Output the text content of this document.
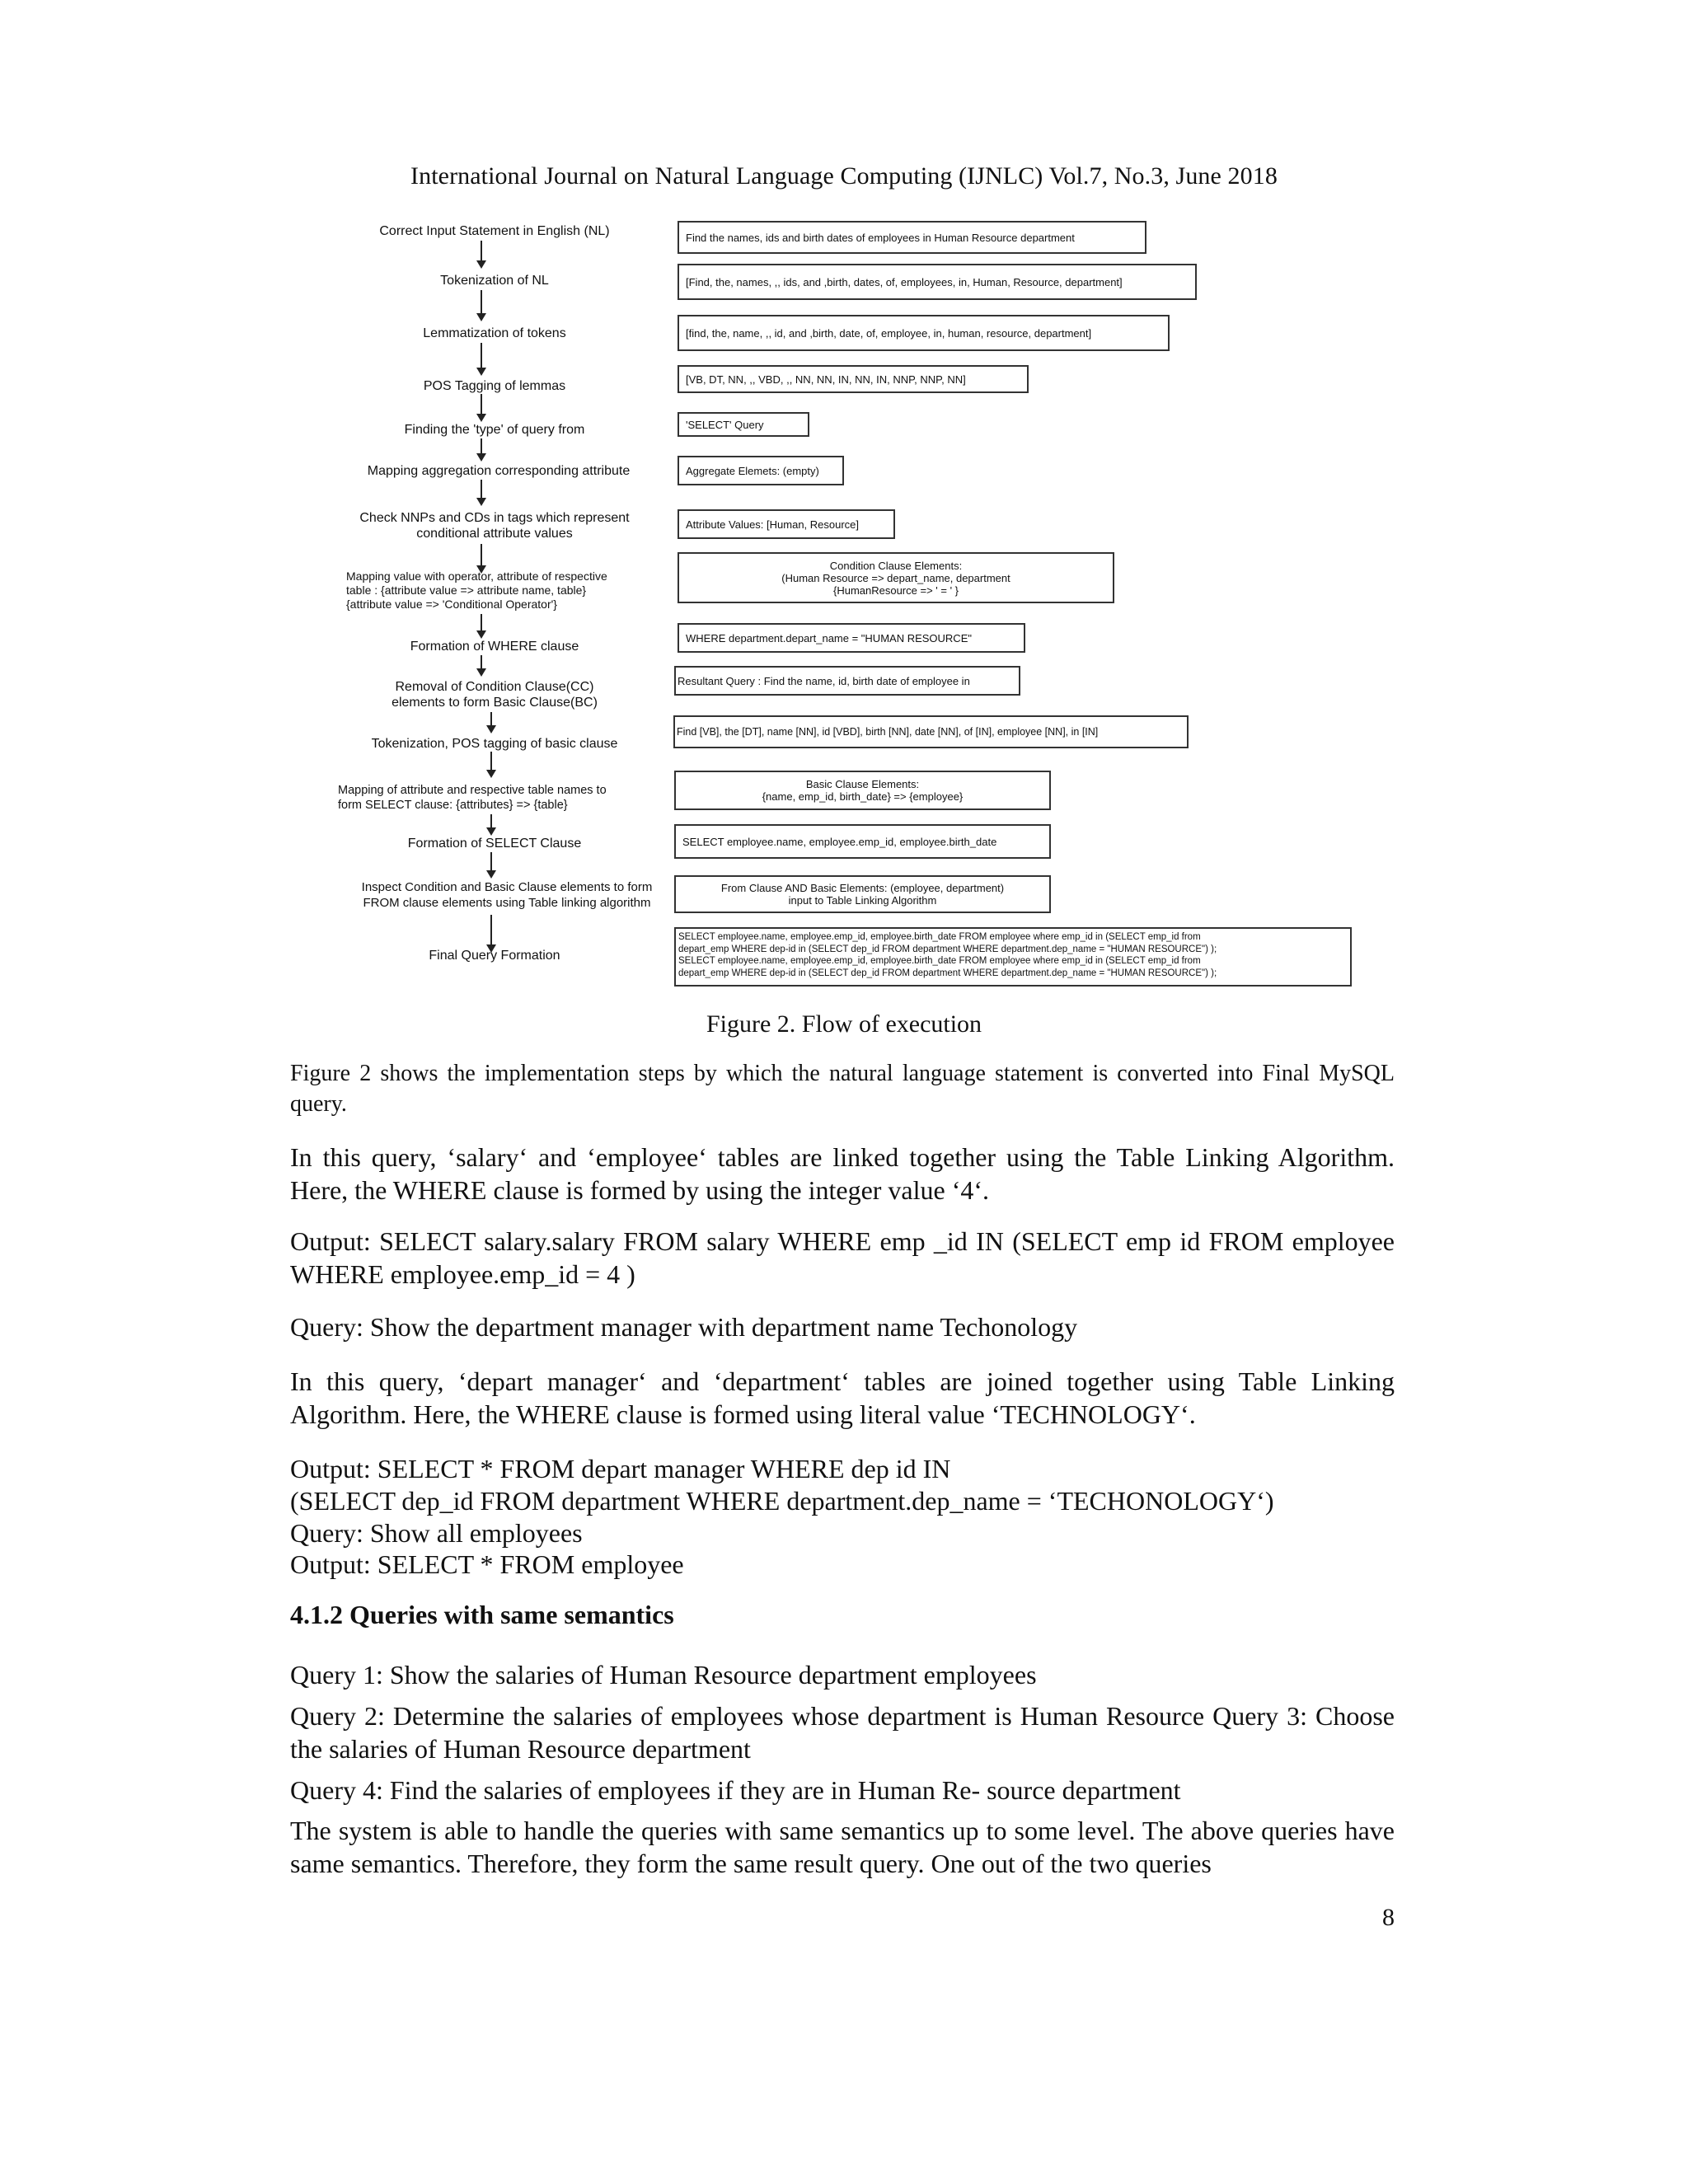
International Journal on Natural Language Computing (IJNLC) Vol.7, No.3, June 2018
Correct Input Statement in English (NL)
Tokenization of NL
Lemmatization of tokens
POS Tagging of lemmas
Finding the 'type' of query from
Mapping aggregation corresponding attribute
Check NNPs and CDs in tags which represent
conditional attribute values
Mapping value with operator, attribute of respective
table : {attribute value => attribute name, table}
{attribute value => 'Conditional Operator'}
Formation of WHERE clause
Removal of Condition Clause(CC)
elements to form Basic Clause(BC)
Tokenization, POS tagging of basic clause
Mapping of attribute and respective table names to
form SELECT clause: {attributes} => {table}
Formation of SELECT Clause
Inspect Condition and Basic Clause elements to form
FROM clause elements using Table linking algorithm
Final Query Formation
Find the names, ids and birth dates of employees in Human Resource department
[Find, the, names, ,, ids, and ,birth, dates, of, employees, in, Human, Resource, department]
[find, the, name, ,, id, and ,birth, date, of, employee, in, human, resource, department]
[VB, DT, NN, ,, VBD, ,, NN, NN, IN, NN, IN, NNP, NNP, NN]
'SELECT' Query
Aggregate Elemets: (empty)
Attribute Values: [Human, Resource]
Condition Clause Elements:
(Human Resource => depart_name, department
{HumanResource => ' = ' }
WHERE department.depart_name = "HUMAN RESOURCE"
Resultant Query : Find the name, id, birth date of employee in
Find [VB], the [DT], name [NN], id [VBD], birth [NN], date [NN], of [IN], employee [NN], in [IN]
Basic Clause Elements:
{name, emp_id, birth_date} => {employee}
SELECT employee.name, employee.emp_id, employee.birth_date
From Clause AND Basic Elements: (employee, department)
input to Table Linking Algorithm
SELECT employee.name, employee.emp_id, employee.birth_date FROM employee where emp_id in (SELECT emp_id from
depart_emp WHERE dep-id in (SELECT dep_id FROM department WHERE department.dep_name = "HUMAN RESOURCE") );
SELECT employee.name, employee.emp_id, employee.birth_date FROM employee where emp_id in (SELECT emp_id from
depart_emp WHERE dep-id in (SELECT dep_id FROM department WHERE department.dep_name = "HUMAN RESOURCE") );
Figure 2. Flow of execution

Figure 2 shows the implementation steps by which the natural language statement is converted into Final MySQL query.

In this query, ‘salary‘ and ‘employee‘ tables are linked together using the Table Linking Algorithm. Here, the WHERE clause is formed by using the integer value ‘4‘.

Output: SELECT salary.salary FROM salary WHERE emp _id IN (SELECT emp id FROM employee WHERE employee.emp_id = 4 )

Query: Show the department manager with department name Techonology

In this query, ‘depart manager‘ and ‘department‘ tables are joined together using Table Linking Algorithm. Here, the WHERE clause is formed using literal value ‘TECHNOLOGY‘.

Output: SELECT * FROM depart manager WHERE dep id IN

(SELECT dep_id FROM department WHERE department.dep_name = ‘TECHONOLOGY‘)

Query: Show all employees

Output: SELECT * FROM employee

4.1.2 Queries with same semantics

Query 1: Show the salaries of Human Resource department employees

Query 2: Determine the salaries of employees whose department is Human Resource Query 3: Choose the salaries of Human Resource department

Query 4: Find the salaries of employees if they are in Human Re- source department

The system is able to handle the queries with same semantics up to some level. The above queries have same semantics. Therefore, they form the same result query. One out of the two queries

8
